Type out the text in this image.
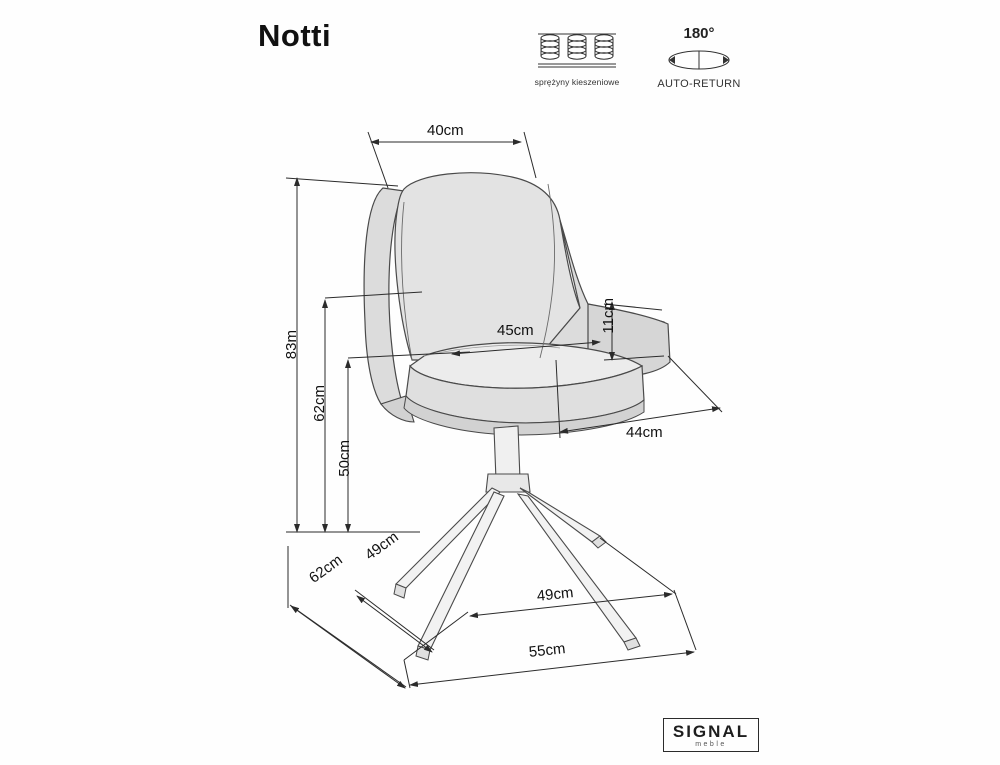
Notti
sprężyny kieszeniowe
180°
AUTO-RETURN
40cm
45cm	11cm
44cm
83m
62cm
50cm
49cm
62cm
49cm
55cm
SIGNAL
meble
